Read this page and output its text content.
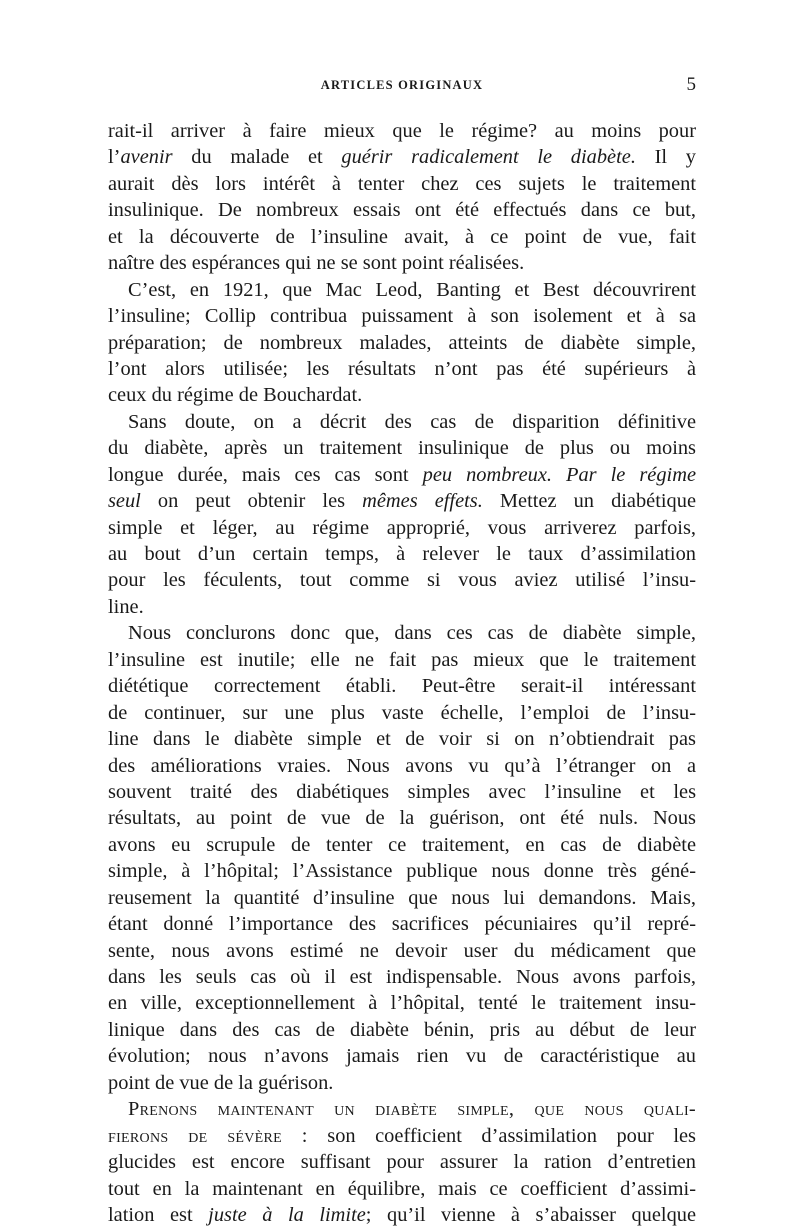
ARTICLES ORIGINAUX	5
rait-il arriver à faire mieux que le régime? au moins pour
l’avenir du malade et guérir radicalement le diabète. Il y
aurait dès lors intérêt à tenter chez ces sujets le traitement
insulinique. De nombreux essais ont été effectués dans ce but,
et la découverte de l’insuline avait, à ce point de vue, fait
naître des espérances qui ne se sont point réalisées.
C’est, en 1921, que Mac Leod, Banting et Best découvrirent
l’insuline; Collip contribua puissament à son isolement et à sa
préparation; de nombreux malades, atteints de diabète simple,
l’ont alors utilisée; les résultats n’ont pas été supérieurs à
ceux du régime de Bouchardat.
Sans doute, on a décrit des cas de disparition définitive
du diabète, après un traitement insulinique de plus ou moins
longue durée, mais ces cas sont peu nombreux. Par le régime
seul on peut obtenir les mêmes effets. Mettez un diabétique
simple et léger, au régime approprié, vous arriverez parfois,
au bout d’un certain temps, à relever le taux d’assimilation
pour les féculents, tout comme si vous aviez utilisé l’insu-
line.
Nous conclurons donc que, dans ces cas de diabète simple,
l’insuline est inutile; elle ne fait pas mieux que le traitement
diététique correctement établi. Peut-être serait-il intéressant
de continuer, sur une plus vaste échelle, l’emploi de l’insu-
line dans le diabète simple et de voir si on n’obtiendrait pas
des améliorations vraies. Nous avons vu qu’à l’étranger on a
souvent traité des diabétiques simples avec l’insuline et les
résultats, au point de vue de la guérison, ont été nuls. Nous
avons eu scrupule de tenter ce traitement, en cas de diabète
simple, à l’hôpital; l’Assistance publique nous donne très géné-
reusement la quantité d’insuline que nous lui demandons. Mais,
étant donné l’importance des sacrifices pécuniaires qu’il repré-
sente, nous avons estimé ne devoir user du médicament que
dans les seuls cas où il est indispensable. Nous avons parfois,
en ville, exceptionnellement à l’hôpital, tenté le traitement insu-
linique dans des cas de diabète bénin, pris au début de leur
évolution; nous n’avons jamais rien vu de caractéristique au
point de vue de la guérison.
Prenons maintenant un diabète simple, que nous quali-
fierons de sévère : son coefficient d’assimilation pour les
glucides est encore suffisant pour assurer la ration d’entretien
tout en la maintenant en équilibre, mais ce coefficient d’assimi-
lation est juste à la limite; qu’il vienne à s’abaisser quelque
